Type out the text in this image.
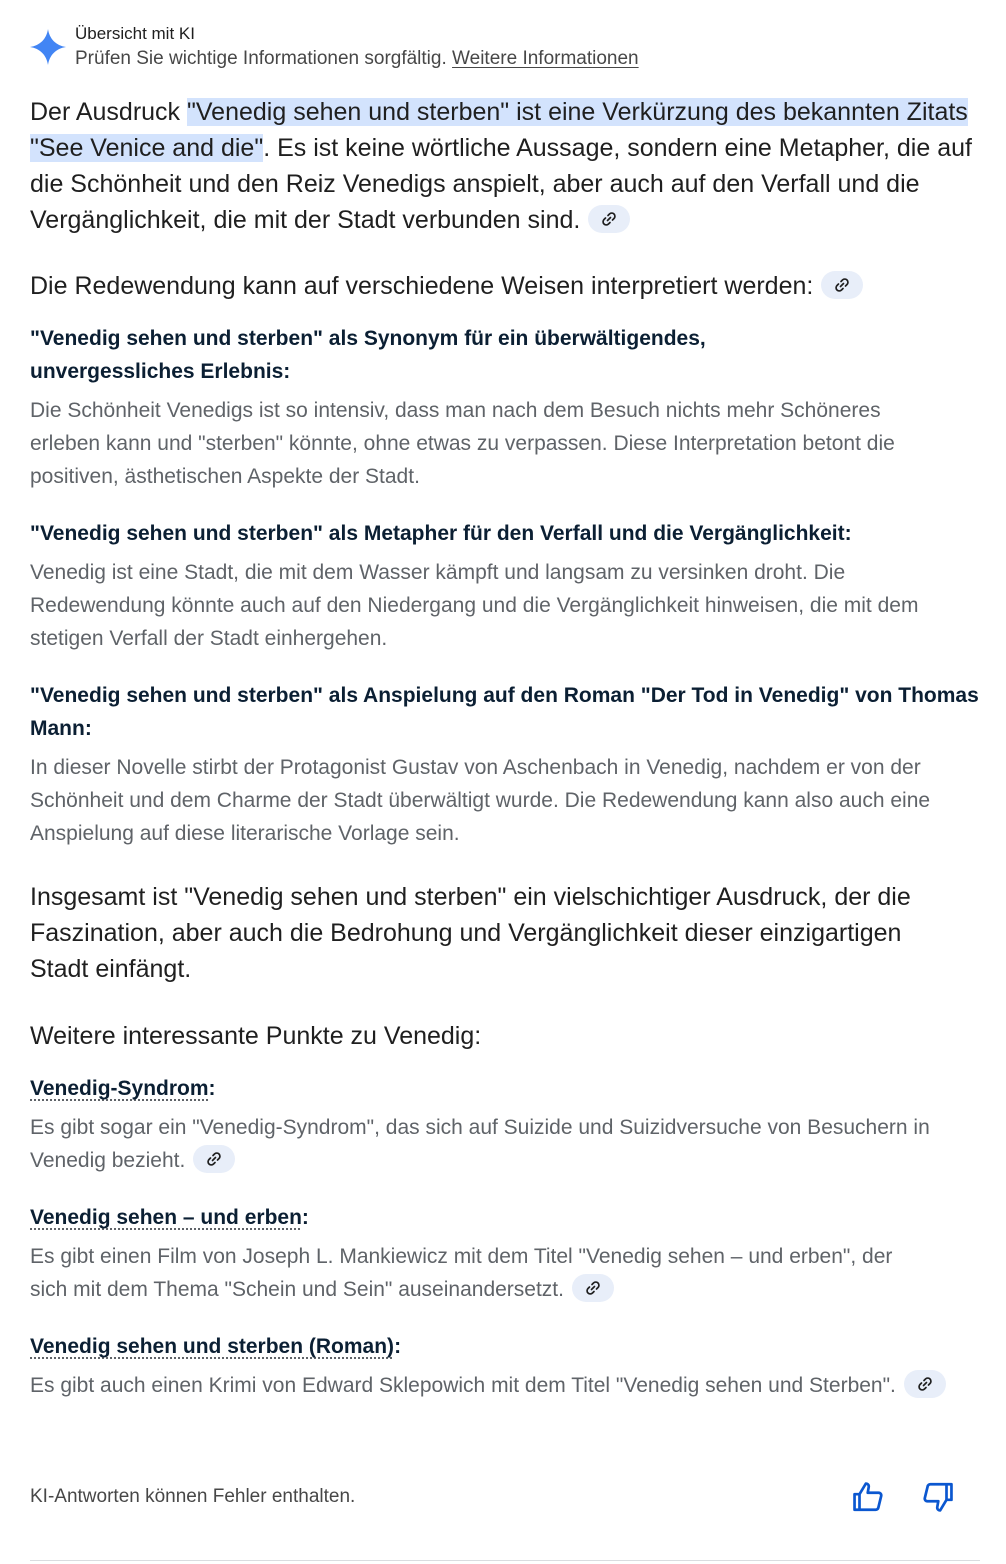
Übersicht mit KI
Prüfen Sie wichtige Informationen sorgfältig. Weitere Informationen
Der Ausdruck "Venedig sehen und sterben" ist eine Verkürzung des bekannten Zitats "See Venice and die". Es ist keine wörtliche Aussage, sondern eine Metapher, die auf die Schönheit und den Reiz Venedigs anspielt, aber auch auf den Verfall und die Vergänglichkeit, die mit der Stadt verbunden sind.
Die Redewendung kann auf verschiedene Weisen interpretiert werden:
"Venedig sehen und sterben" als Synonym für ein überwältigendes, unvergessliches Erlebnis:
Die Schönheit Venedigs ist so intensiv, dass man nach dem Besuch nichts mehr Schöneres erleben kann und "sterben" könnte, ohne etwas zu verpassen. Diese Interpretation betont die positiven, ästhetischen Aspekte der Stadt.
"Venedig sehen und sterben" als Metapher für den Verfall und die Vergänglichkeit:
Venedig ist eine Stadt, die mit dem Wasser kämpft und langsam zu versinken droht. Die Redewendung könnte auch auf den Niedergang und die Vergänglichkeit hinweisen, die mit dem stetigen Verfall der Stadt einhergehen.
"Venedig sehen und sterben" als Anspielung auf den Roman "Der Tod in Venedig" von Thomas Mann:
In dieser Novelle stirbt der Protagonist Gustav von Aschenbach in Venedig, nachdem er von der Schönheit und dem Charme der Stadt überwältigt wurde. Die Redewendung kann also auch eine Anspielung auf diese literarische Vorlage sein.
Insgesamt ist "Venedig sehen und sterben" ein vielschichtiger Ausdruck, der die Faszination, aber auch die Bedrohung und Vergänglichkeit dieser einzigartigen Stadt einfängt.
Weitere interessante Punkte zu Venedig:
Venedig-Syndrom:
Es gibt sogar ein "Venedig-Syndrom", das sich auf Suizide und Suizidversuche von Besuchern in Venedig bezieht.
Venedig sehen – und erben:
Es gibt einen Film von Joseph L. Mankiewicz mit dem Titel "Venedig sehen – und erben", der sich mit dem Thema "Schein und Sein" auseinandersetzt.
Venedig sehen und sterben (Roman):
Es gibt auch einen Krimi von Edward Sklepowich mit dem Titel "Venedig sehen und Sterben".
KI-Antworten können Fehler enthalten.
